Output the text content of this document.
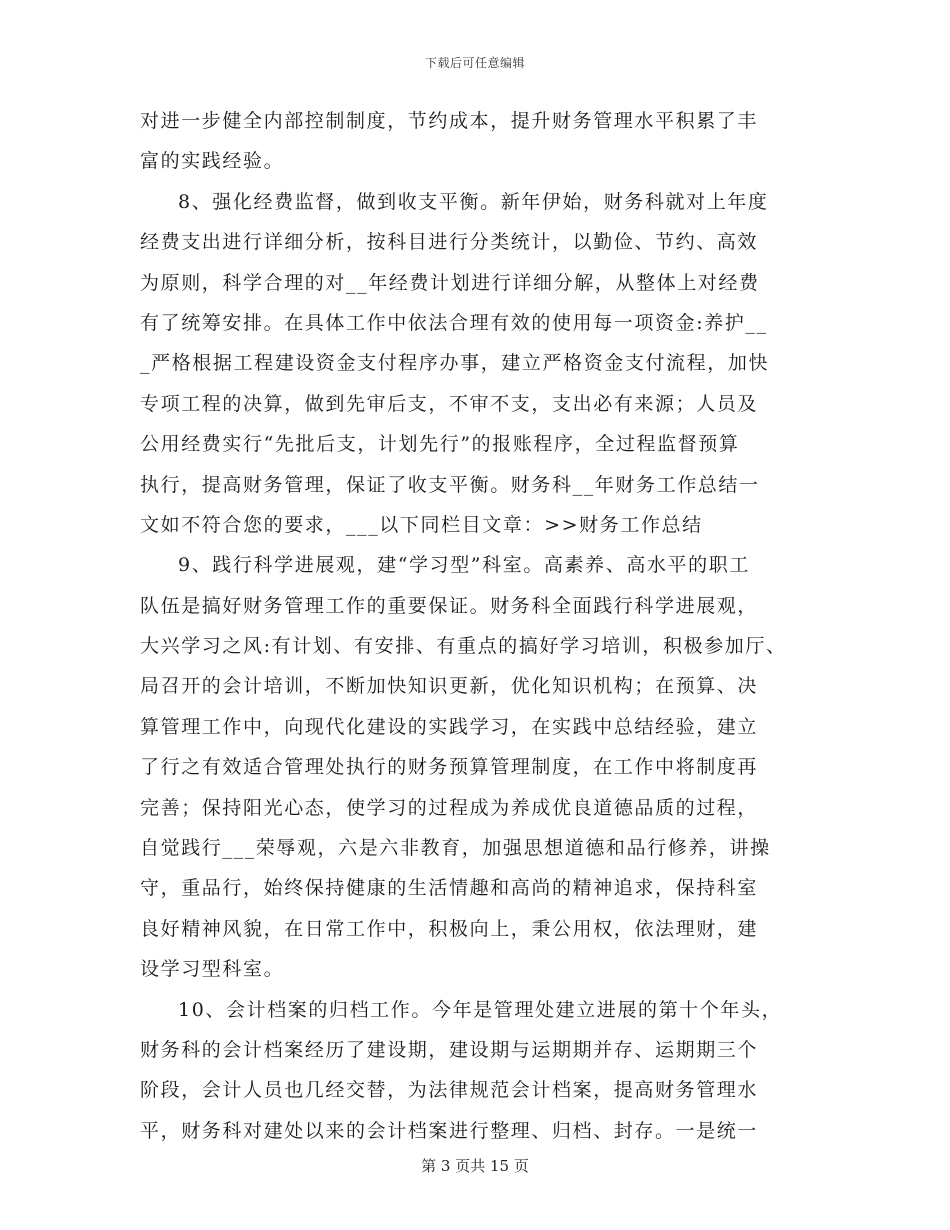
下载后可任意编辑
对进一步健全内部控制制度，节约成本，提升财务管理水平积累了丰
富的实践经验。
8、强化经费监督，做到收支平衡。新年伊始，财务科就对上年度
经费支出进行详细分析，按科目进行分类统计，以勤俭、节约、高效
为原则，科学合理的对__年经费计划进行详细分解，从整体上对经费
有了统筹安排。在具体工作中依法合理有效的使用每一项资金:养护__
_严格根据工程建设资金支付程序办事，建立严格资金支付流程，加快
专项工程的决算，做到先审后支，不审不支，支出必有来源；人员及
公用经费实行“先批后支，计划先行”的报账程序，全过程监督预算
执行，提高财务管理，保证了收支平衡。财务科__年财务工作总结一
文如不符合您的要求，___以下同栏目文章：>>财务工作总结
9、践行科学进展观，建“学习型”科室。高素养、高水平的职工
队伍是搞好财务管理工作的重要保证。财务科全面践行科学进展观，
大兴学习之风:有计划、有安排、有重点的搞好学习培训，积极参加厅、
局召开的会计培训，不断加快知识更新，优化知识机构；在预算、决
算管理工作中，向现代化建设的实践学习，在实践中总结经验，建立
了行之有效适合管理处执行的财务预算管理制度，在工作中将制度再
完善；保持阳光心态，使学习的过程成为养成优良道德品质的过程，
自觉践行___荣辱观，六是六非教育，加强思想道德和品行修养，讲操
守，重品行，始终保持健康的生活情趣和高尚的精神追求，保持科室
良好精神风貌，在日常工作中，积极向上，秉公用权，依法理财，建
设学习型科室。
10、会计档案的归档工作。今年是管理处建立进展的第十个年头，
财务科的会计档案经历了建设期，建设期与运期期并存、运期期三个
阶段，会计人员也几经交替，为法律规范会计档案，提高财务管理水
平，财务科对建处以来的会计档案进行整理、归档、封存。一是统一
第 3 页共 15 页
